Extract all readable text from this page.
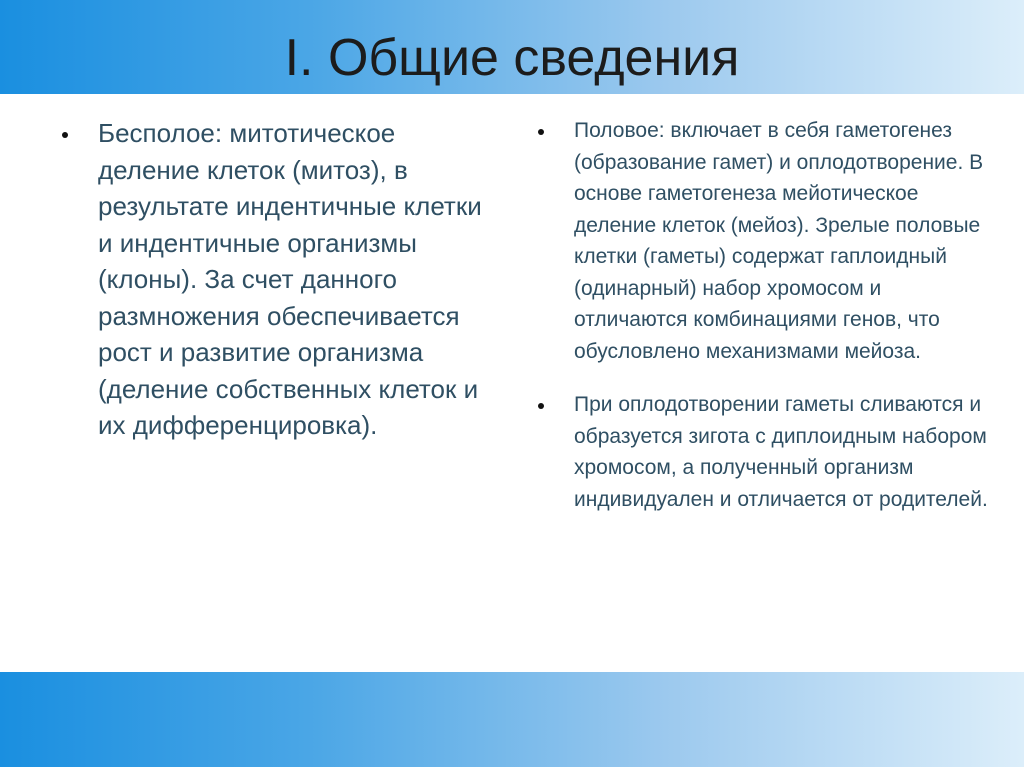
I. Общие сведения
Бесполое: митотическое деление клеток (митоз), в результате индентичные клетки и индентичные организмы (клоны). За счет данного размножения обеспечивается рост и развитие организма (деление собственных клеток и их дифференцировка).
Половое: включает в себя гаметогенез (образование гамет) и оплодотворение. В основе гаметогенеза мейотическое деление клеток (мейоз). Зрелые половые клетки (гаметы) содержат гаплоидный (одинарный) набор хромосом и отличаются комбинациями генов, что обусловлено механизмами мейоза.
При оплодотворении гаметы сливаются и образуется зигота с диплоидным набором хромосом, а полученный организм индивидуален и отличается от родителей.
